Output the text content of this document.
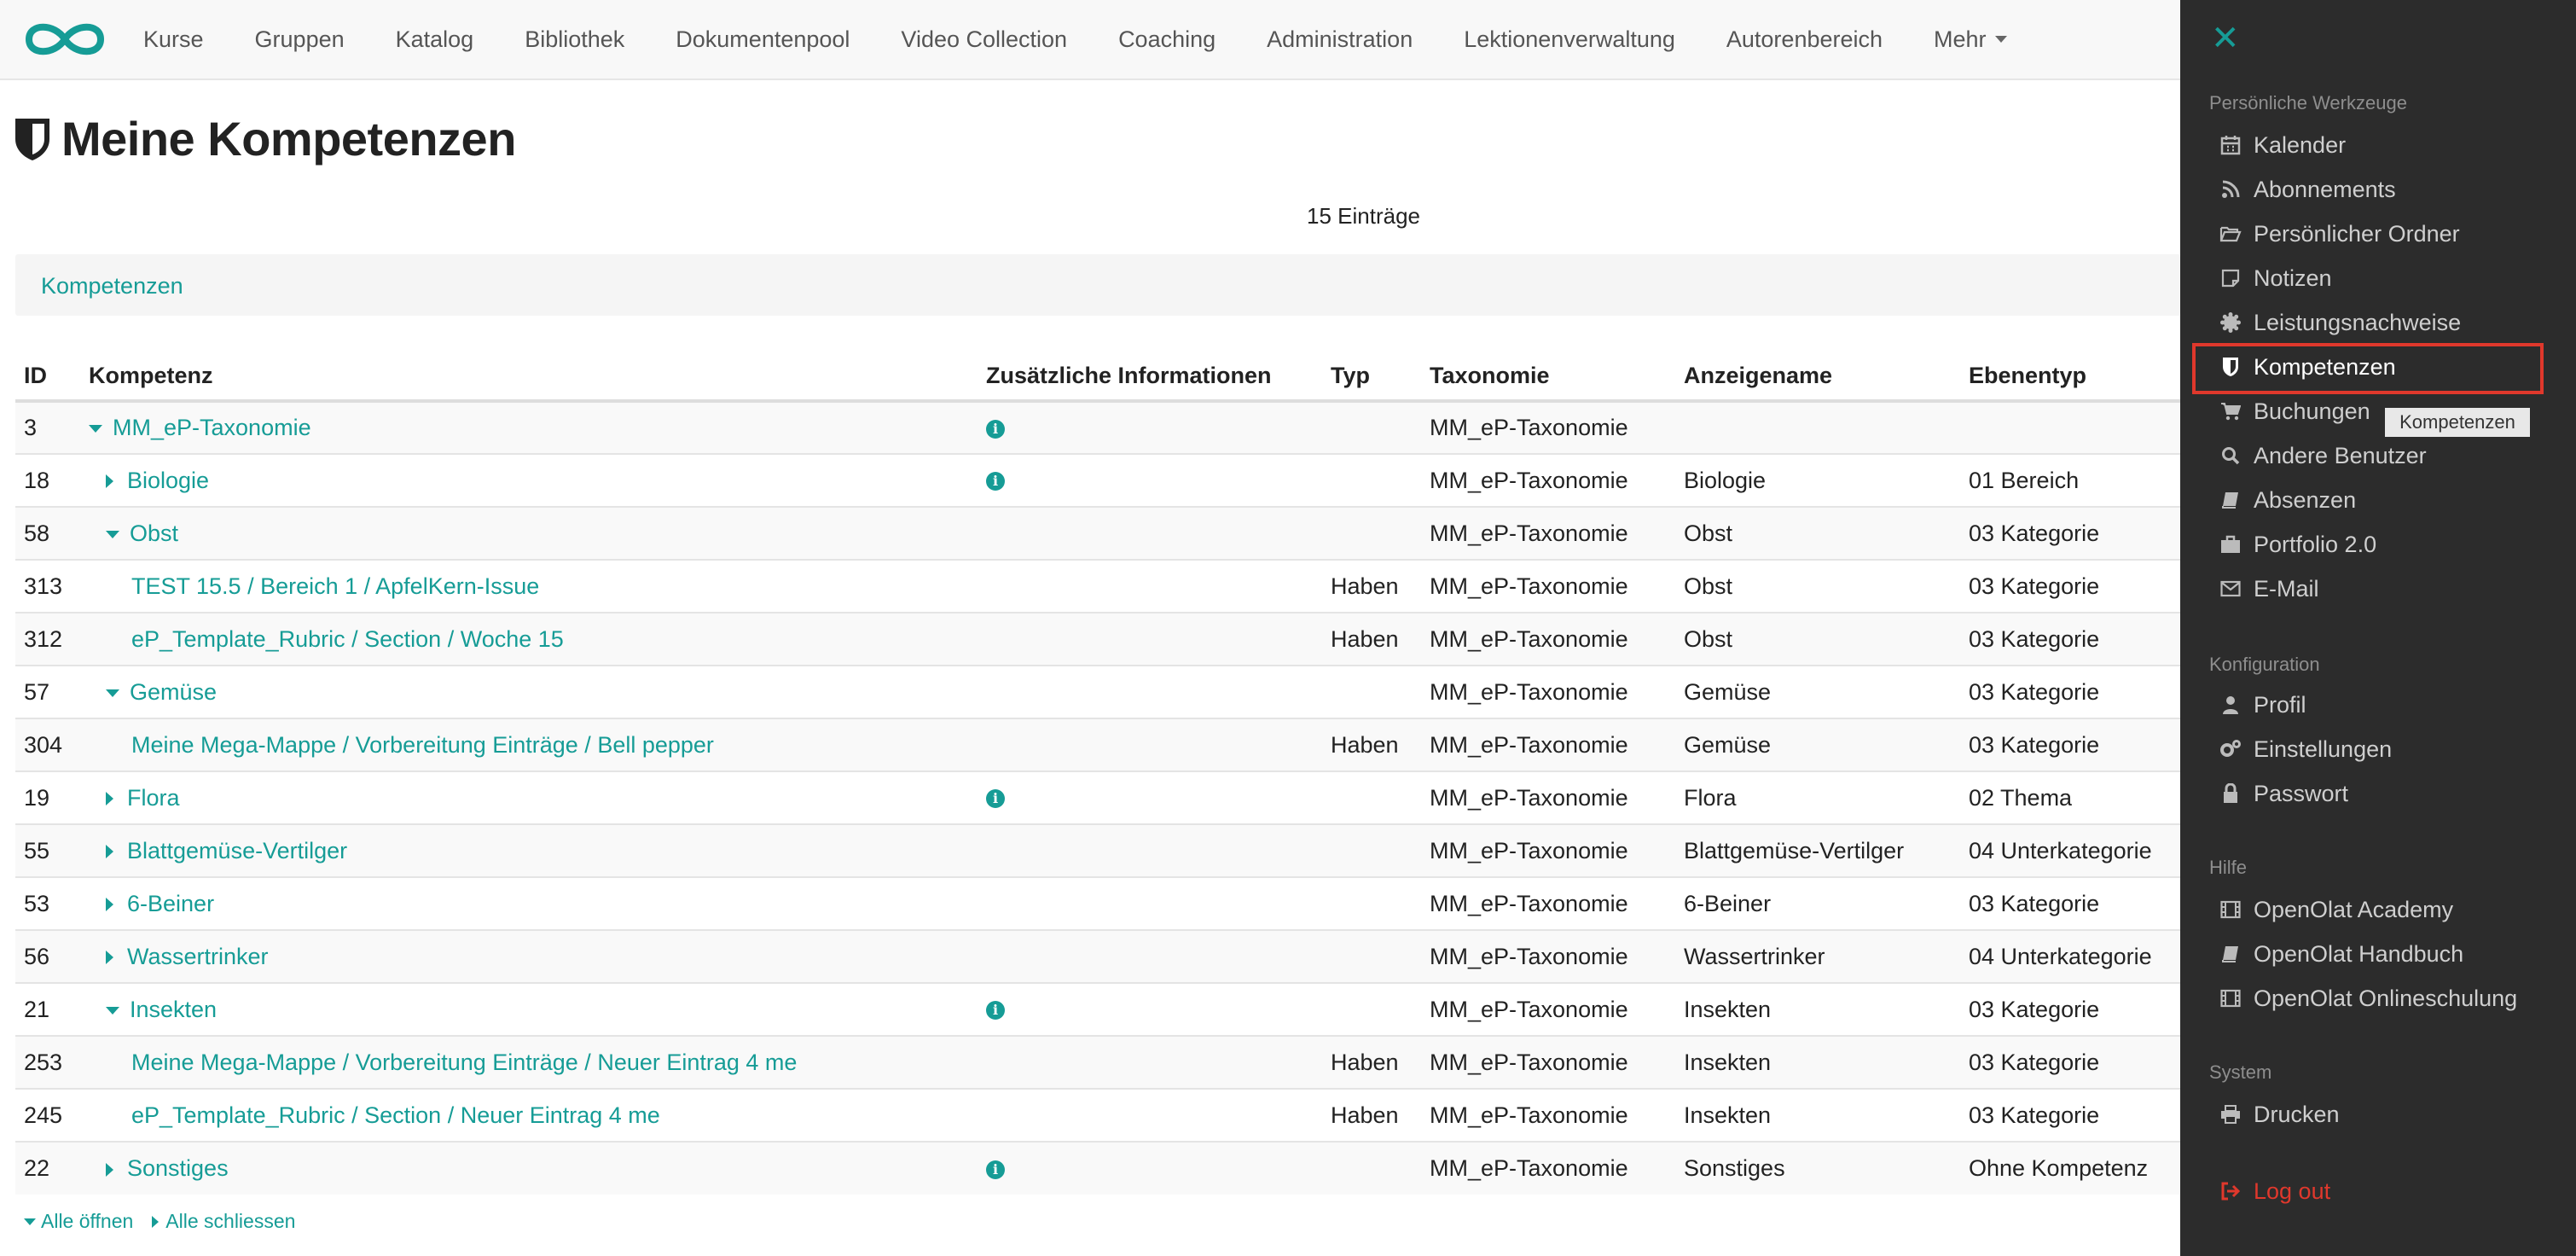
Kurse Gruppen Katalog Bibliothek Dokumentenpool Video Collection Coaching Administration Lektionenverwaltung Autorenbereich Mehr
Meine Kompetenzen
15 Einträge
Kompetenzen
ID	Kompetenz	Zusätzliche Informationen	Typ	Taxonomie	Anzeigename	Ebenentyp
3	MM_eP-Taxonomie	i		MM_eP-Taxonomie		
18	Biologie	i		MM_eP-Taxonomie	Biologie	01 Bereich
58	Obst			MM_eP-Taxonomie	Obst	03 Kategorie
313	TEST 15.5 / Bereich 1 / ApfelKern-Issue		Haben	MM_eP-Taxonomie	Obst	03 Kategorie
312	eP_Template_Rubric / Section / Woche 15		Haben	MM_eP-Taxonomie	Obst	03 Kategorie
57	Gemüse			MM_eP-Taxonomie	Gemüse	03 Kategorie
304	Meine Mega-Mappe / Vorbereitung Einträge / Bell pepper		Haben	MM_eP-Taxonomie	Gemüse	03 Kategorie
19	Flora	i		MM_eP-Taxonomie	Flora	02 Thema
55	Blattgemüse-Vertilger			MM_eP-Taxonomie	Blattgemüse-Vertilger	04 Unterkategorie
53	6-Beiner			MM_eP-Taxonomie	6-Beiner	03 Kategorie
56	Wassertrinker			MM_eP-Taxonomie	Wassertrinker	04 Unterkategorie
21	Insekten	i		MM_eP-Taxonomie	Insekten	03 Kategorie
253	Meine Mega-Mappe / Vorbereitung Einträge / Neuer Eintrag 4 me		Haben	MM_eP-Taxonomie	Insekten	03 Kategorie
245	eP_Template_Rubric / Section / Neuer Eintrag 4 me		Haben	MM_eP-Taxonomie	Insekten	03 Kategorie
22	Sonstiges	i		MM_eP-Taxonomie	Sonstiges	Ohne Kompetenz
Alle öffnen Alle schliessen
✕
Persönliche Werkzeuge
Kalender
Abonnements
Persönlicher Ordner
Notizen
Leistungsnachweise
Kompetenzen
Buchungen
Andere Benutzer
Absenzen
Portfolio 2.0
E-Mail
Konfiguration
Profil
Einstellungen
Passwort
Hilfe
OpenOlat Academy
OpenOlat Handbuch
OpenOlat Onlineschulung
System
Drucken
Log out
Kompetenzen
